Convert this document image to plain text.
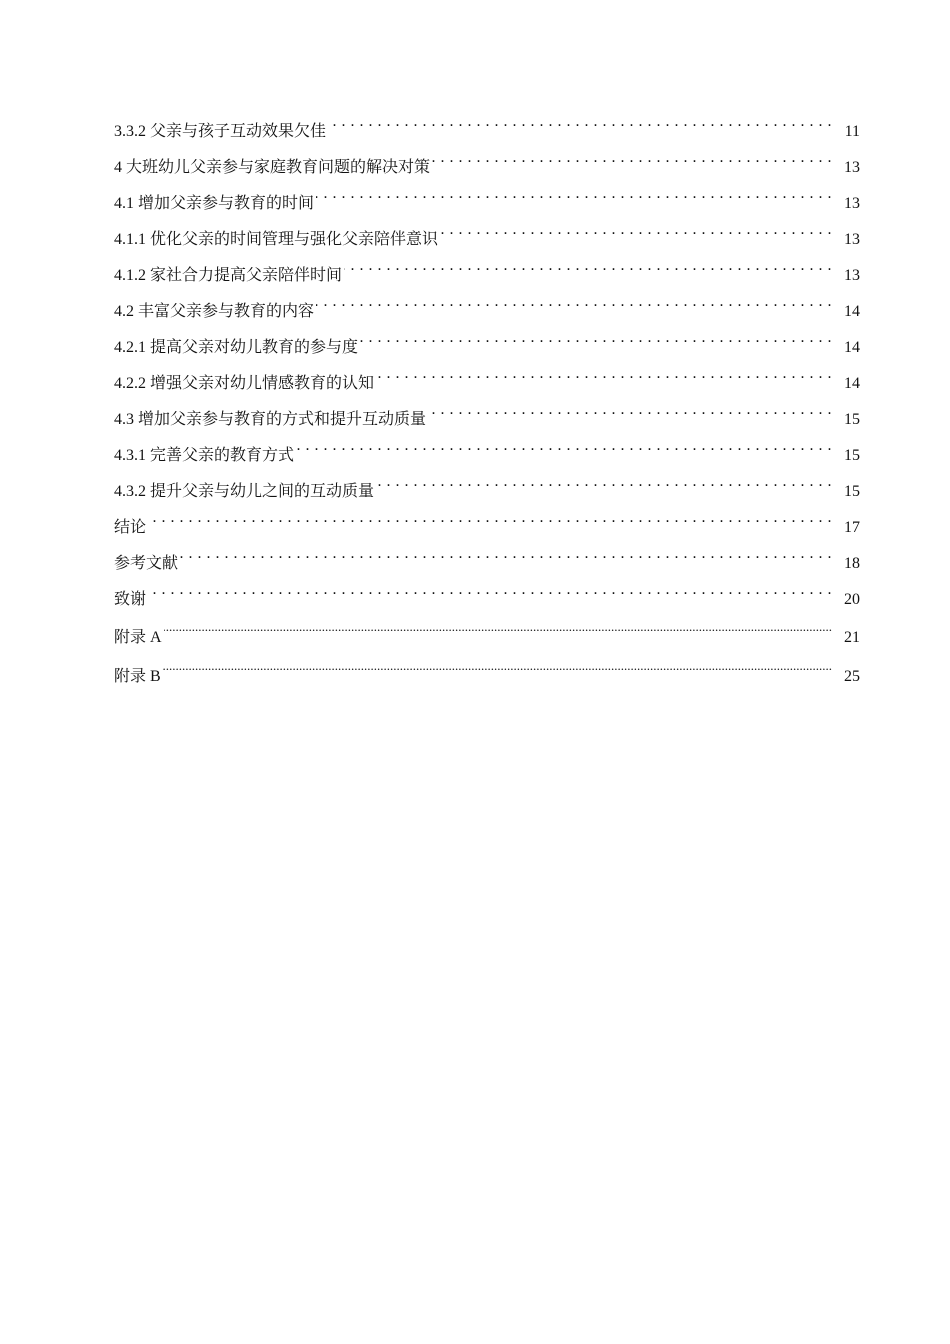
3.3.2 父亲与孩子互动效果欠佳 . . .	11
4 大班幼儿父亲参与家庭教育问题的解决对策 . . .	13
4.1 增加父亲参与教育的时间 . . .	13
4.1.1 优化父亲的时间管理与强化父亲陪伴意识 . . .	13
4.1.2 家社合力提高父亲陪伴时间 . . .	13
4.2 丰富父亲参与教育的内容 . . .	14
4.2.1 提高父亲对幼儿教育的参与度 . . .	14
4.2.2 增强父亲对幼儿情感教育的认知 . . .	14
4.3 增加父亲参与教育的方式和提升互动质量 . . .	15
4.3.1 完善父亲的教育方式 . . .	15
4.3.2 提升父亲与幼儿之间的互动质量 . . .	15
结论 . . .	17
参考文献 . . .	18
致谢 . . .	20
附录 A .....	21
附录 B .....	25
